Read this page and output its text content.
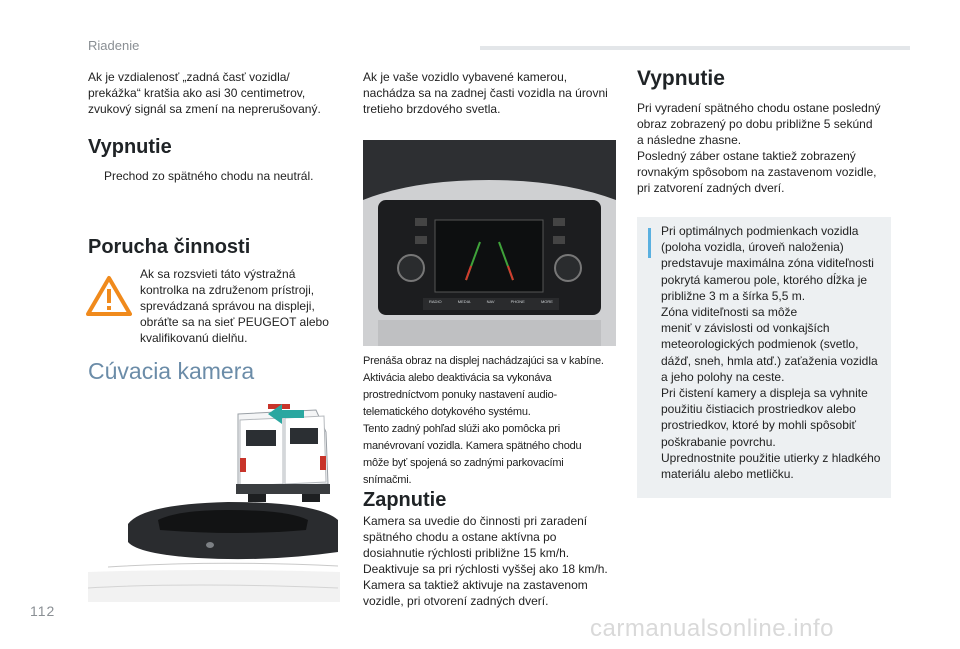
Riadenie
Ak je vzdialenosť „zadná časť vozidla/
prekážka“ kratšia ako asi 30 centimetrov,
zvukový signál sa zmení na neprerušovaný.
Vypnutie
Prechod zo spätného chodu na neutrál.
Porucha činnosti
Ak sa rozsvieti táto výstražná
kontrolka na združenom prístroji,
sprevádzaná správou na displeji,
obráťte sa na sieť PEUGEOT alebo
kvalifikovanú dielňu.
Cúvacia kamera
Ak je vaše vozidlo vybavené kamerou,
nachádza sa na zadnej časti vozidla na úrovni
tretieho brzdového svetla.
RADIO	MEDIA	NAV	PHONE	MORE
Prenáša obraz na displej nachádzajúci sa v kabíne.
Aktivácia alebo deaktivácia sa vykonáva
prostredníctvom ponuky nastavení audio-
telematického dotykového systému.
Tento zadný pohľad slúži ako pomôcka pri
manévrovaní vozidla. Kamera spätného chodu
môže byť spojená so zadnými parkovacími
snímačmi.
Zapnutie
Kamera sa uvedie do činnosti pri zaradení
spätného chodu a ostane aktívna po
dosiahnutie rýchlosti približne 15 km/h.
Deaktivuje sa pri rýchlosti vyššej ako 18 km/h.
Kamera sa taktiež aktivuje na zastavenom
vozidle, pri otvorení zadných dverí.
Vypnutie
Pri vyradení spätného chodu ostane posledný
obraz zobrazený po dobu približne 5 sekúnd
a následne zhasne.
Posledný záber ostane taktiež zobrazený
rovnakým spôsobom na zastavenom vozidle,
pri zatvorení zadných dverí.
Pri optimálnych podmienkach vozidla
(poloha vozidla, úroveň naloženia)
predstavuje maximálna zóna viditeľnosti
pokrytá kamerou pole, ktorého dĺžka je
približne 3 m a šírka 5,5 m.
Zóna viditeľnosti sa môže
meniť v závislosti od vonkajších
meteorologických podmienok (svetlo,
dážď, sneh, hmla atď.) zaťaženia vozidla
a jeho polohy na ceste.
Pri čistení kamery a displeja sa vyhnite
použitiu čistiacich prostriedkov alebo
prostriedkov, ktoré by mohli spôsobiť
poškrabanie povrchu.
Uprednostnite použitie utierky z hladkého
materiálu alebo metličku.
112
carmanualsonline.info
